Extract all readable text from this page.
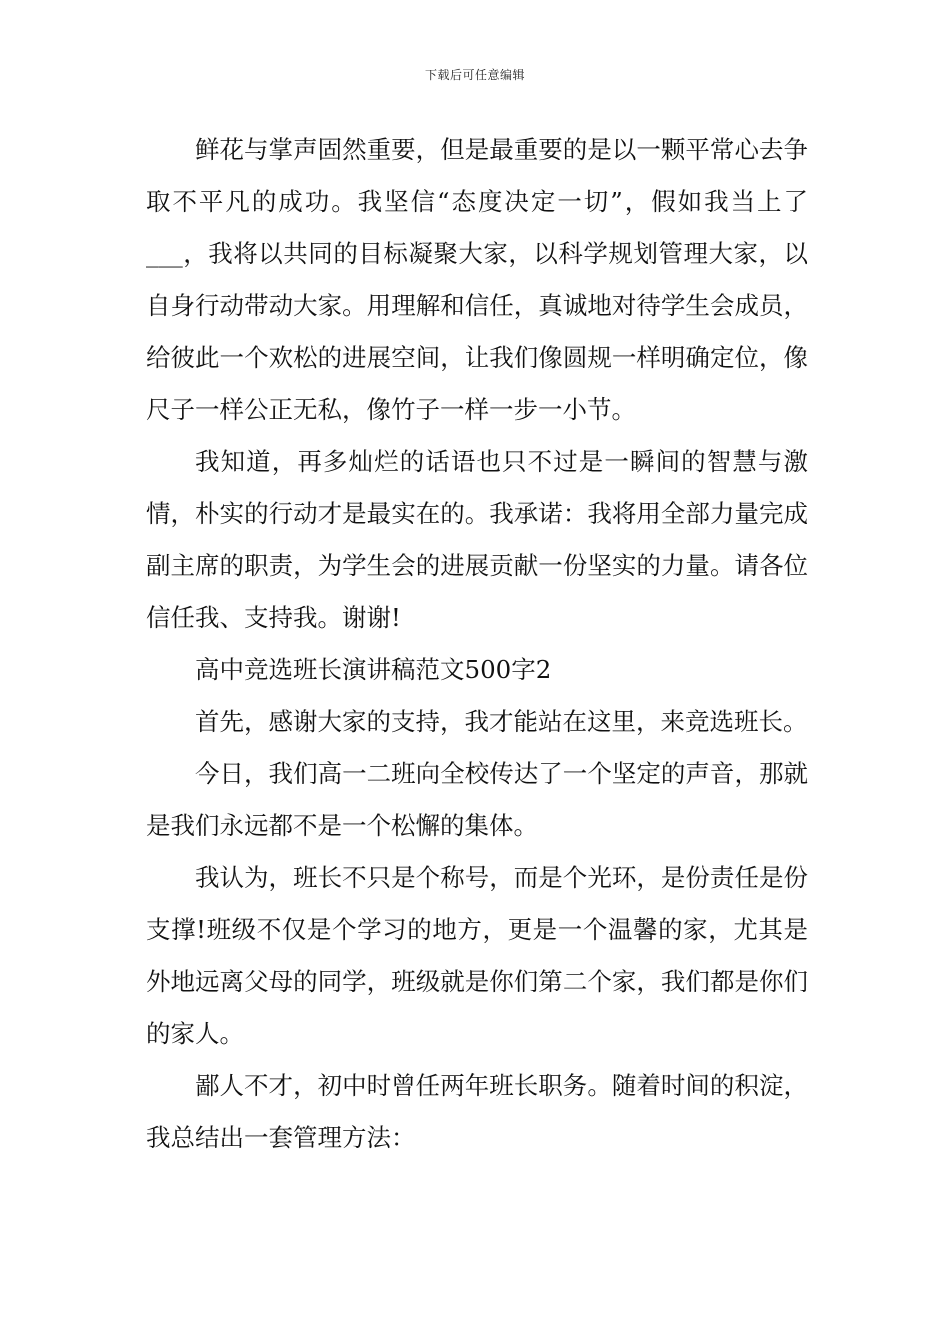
下载后可任意编辑

鲜花与掌声固然重要，但是最重要的是以一颗平常心去争取不平凡的成功。我坚信“态度决定一切”，假如我当上了___，我将以共同的目标凝聚大家，以科学规划管理大家，以自身行动带动大家。用理解和信任，真诚地对待学生会成员，给彼此一个欢松的进展空间，让我们像圆规一样明确定位，像尺子一样公正无私，像竹子一样一步一小节。

我知道，再多灿烂的话语也只不过是一瞬间的智慧与激情，朴实的行动才是最实在的。我承诺：我将用全部力量完成副主席的职责，为学生会的进展贡献一份坚实的力量。请各位信任我、支持我。谢谢!

高中竞选班长演讲稿范文500字2

首先，感谢大家的支持，我才能站在这里，来竞选班长。

今日，我们高一二班向全校传达了一个坚定的声音，那就是我们永远都不是一个松懈的集体。

我认为，班长不只是个称号，而是个光环，是份责任是份支撑!班级不仅是个学习的地方，更是一个温馨的家，尤其是外地远离父母的同学，班级就是你们第二个家，我们都是你们的家人。

鄙人不才，初中时曾任两年班长职务。随着时间的积淀，我总结出一套管理方法：
